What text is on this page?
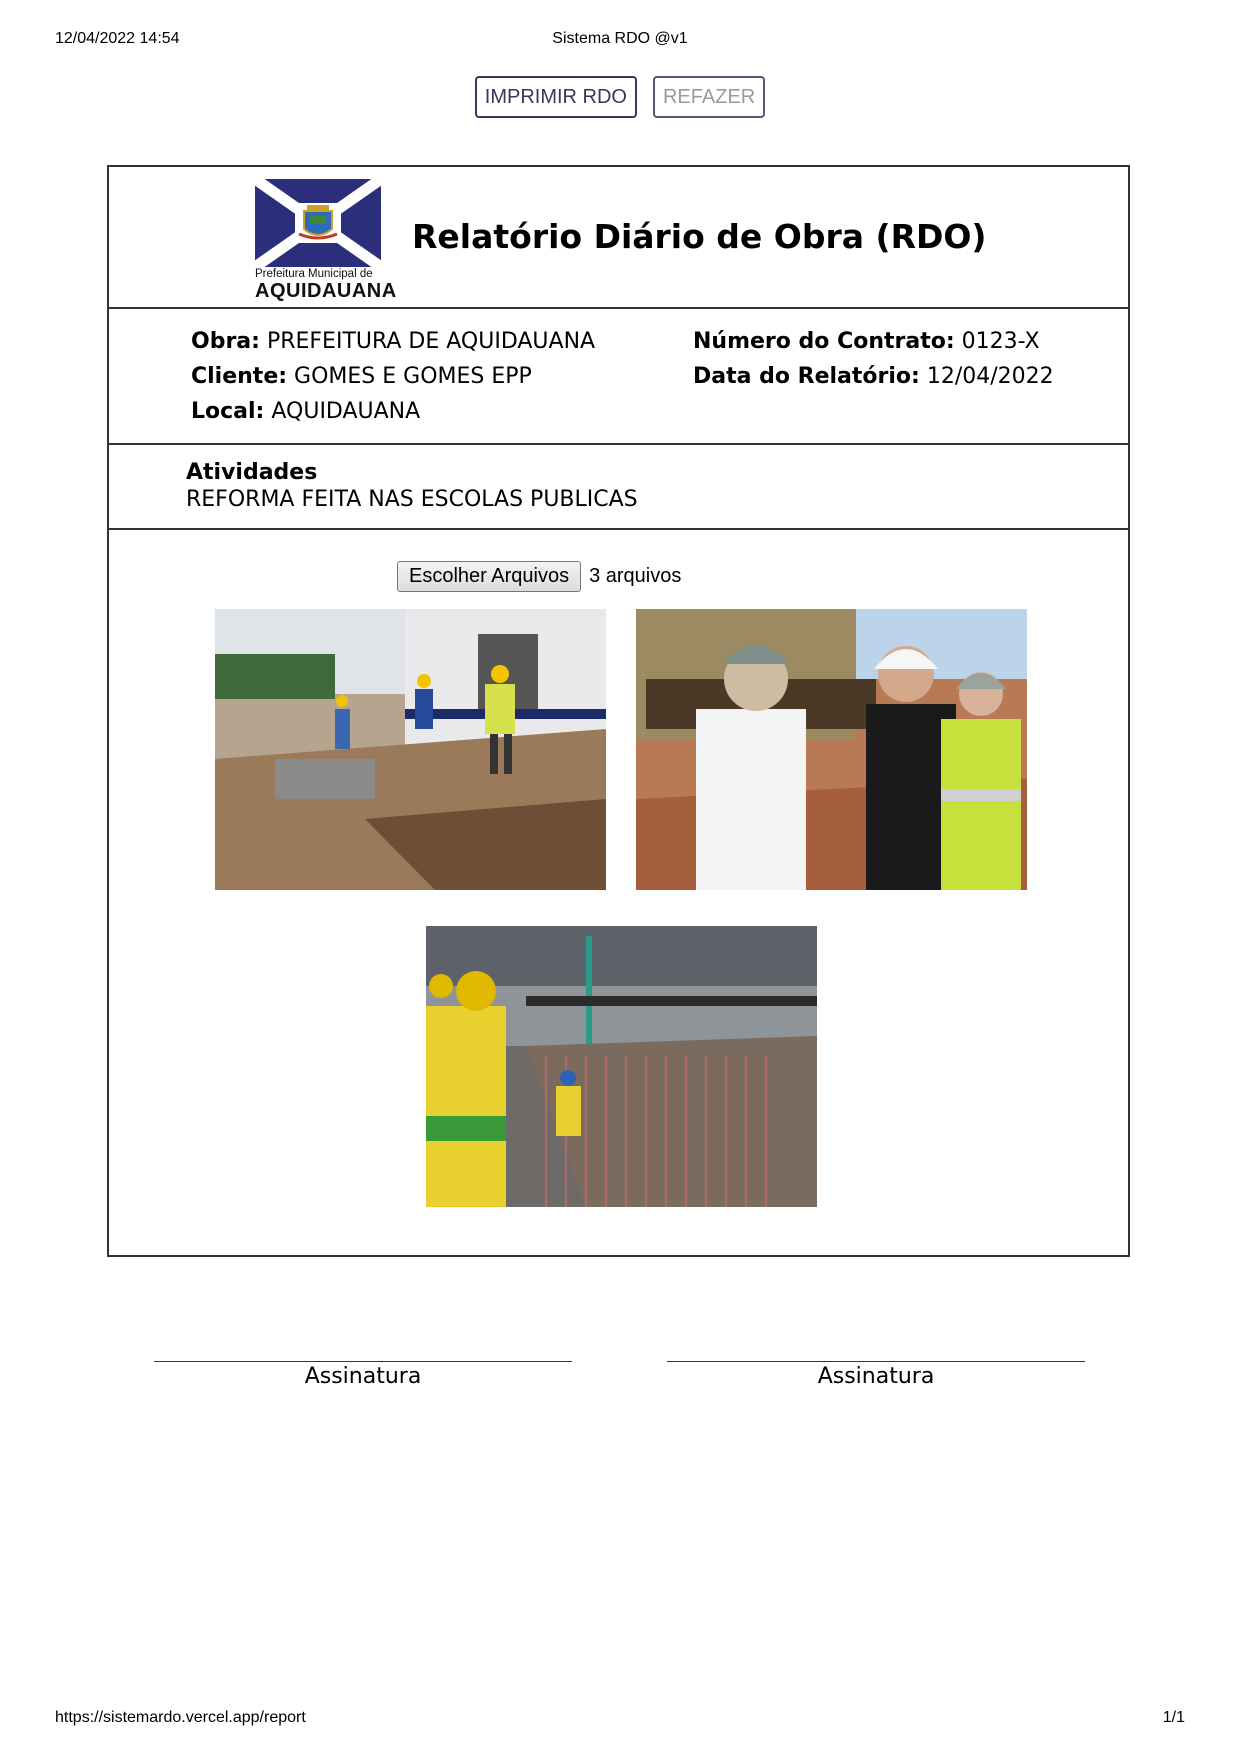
12/04/2022 14:54	Sistema RDO @v1
IMPRIMIR RDO	REFAZER
Prefeitura Municipal de
AQUIDAUANA
Relatório Diário de Obra (RDO)
Obra: PREFEITURA DE AQUIDAUANA
Cliente: GOMES E GOMES EPP
Local: AQUIDAUANA
Número do Contrato: 0123-X
Data do Relatório: 12/04/2022
Atividades
REFORMA FEITA NAS ESCOLAS PUBLICAS
Escolher Arquivos	3 arquivos
Assinatura	Assinatura
https://sistemardo.vercel.app/report	1/1
